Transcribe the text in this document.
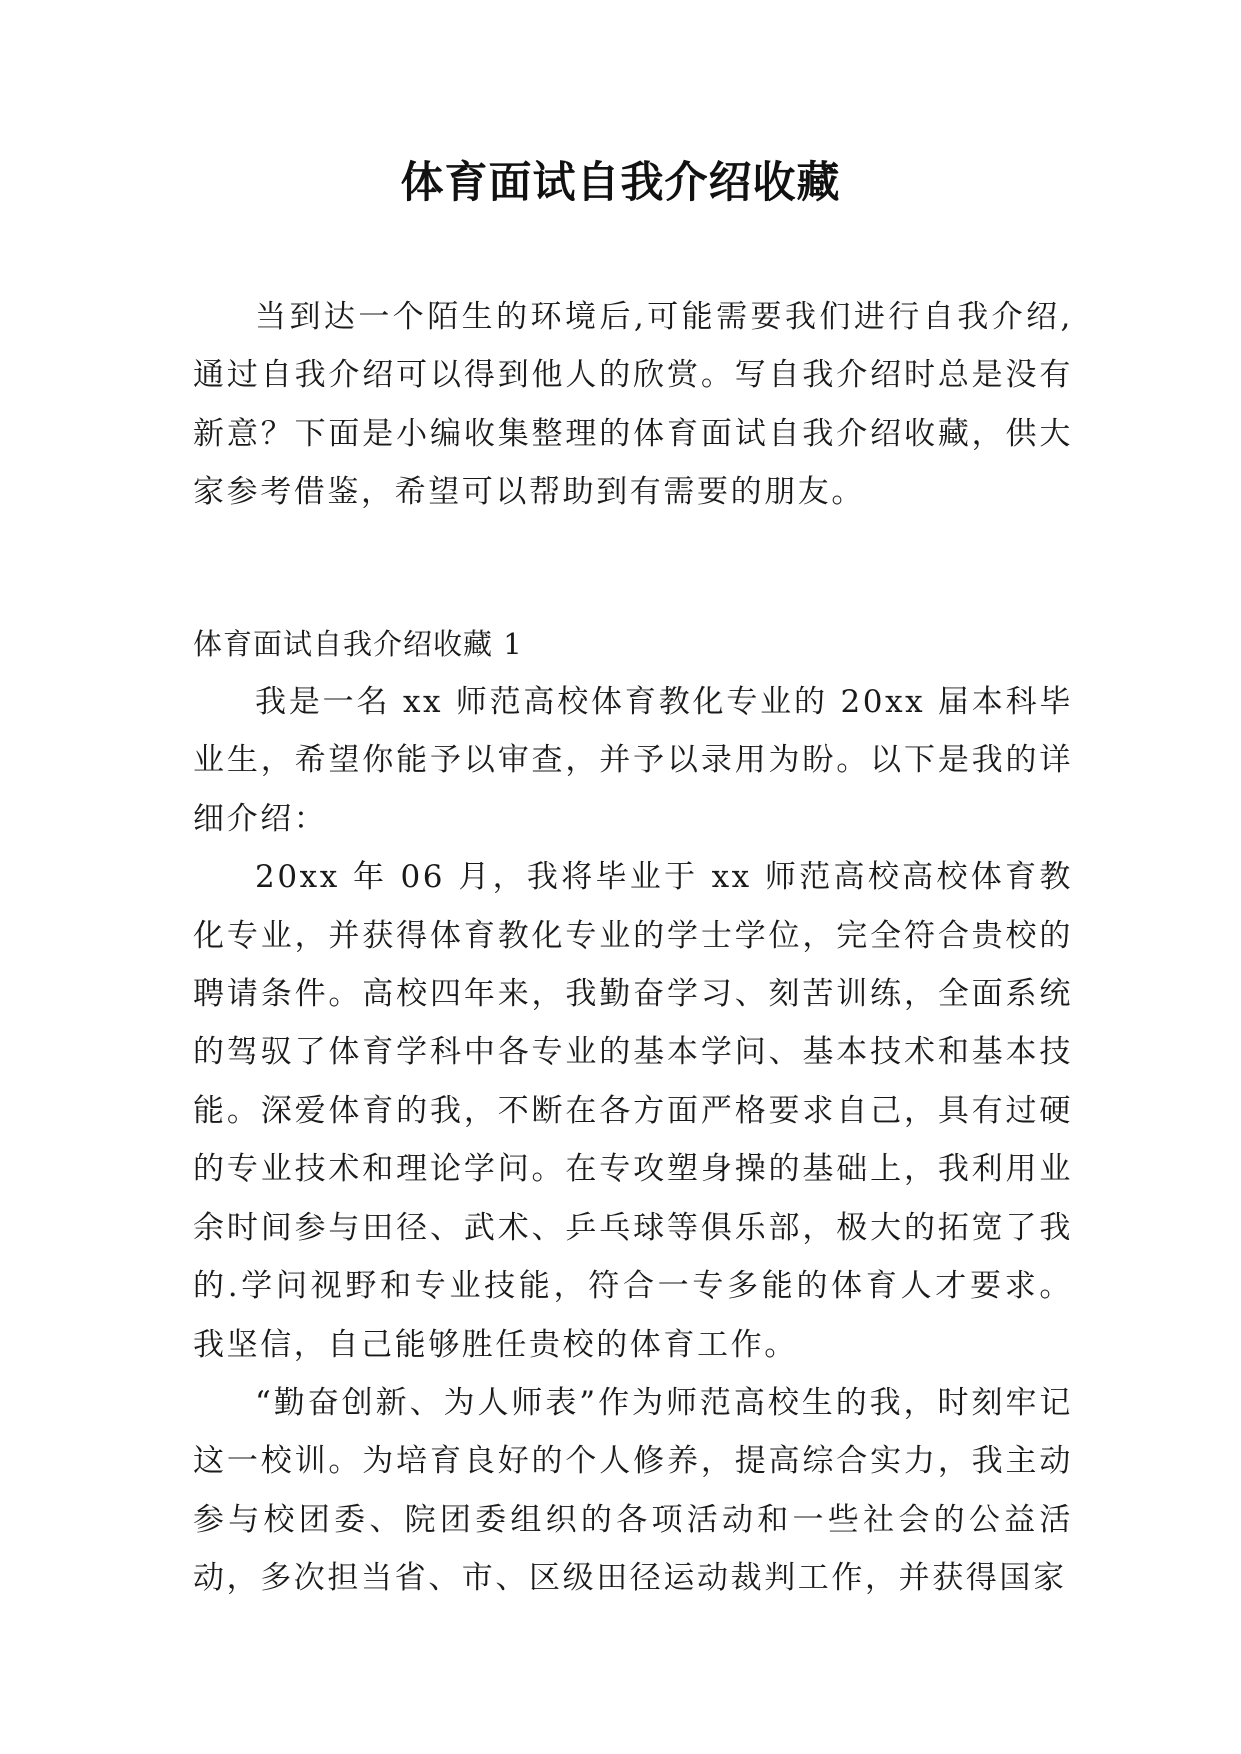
体育面试自我介绍收藏

当到达一个陌生的环境后,可能需要我们进行自我介绍,通过自我介绍可以得到他人的欣赏。写自我介绍时总是没有新意？下面是小编收集整理的体育面试自我介绍收藏，供大家参考借鉴，希望可以帮助到有需要的朋友。

体育面试自我介绍收藏 1

我是一名 xx 师范高校体育教化专业的 20xx 届本科毕业生，希望你能予以审查，并予以录用为盼。以下是我的详细介绍：

20xx 年 06 月，我将毕业于 xx 师范高校高校体育教化专业，并获得体育教化专业的学士学位，完全符合贵校的聘请条件。高校四年来，我勤奋学习、刻苦训练，全面系统的驾驭了体育学科中各专业的基本学问、基本技术和基本技能。深爱体育的我，不断在各方面严格要求自己，具有过硬的专业技术和理论学问。在专攻塑身操的基础上，我利用业余时间参与田径、武术、乒乓球等俱乐部，极大的拓宽了我的.学问视野和专业技能，符合一专多能的体育人才要求。我坚信，自己能够胜任贵校的体育工作。

“勤奋创新、为人师表”作为师范高校生的我，时刻牢记这一校训。为培育良好的个人修养，提高综合实力，我主动参与校团委、院团委组织的各项活动和一些社会的公益活动，多次担当省、市、区级田径运动裁判工作，并获得国家
